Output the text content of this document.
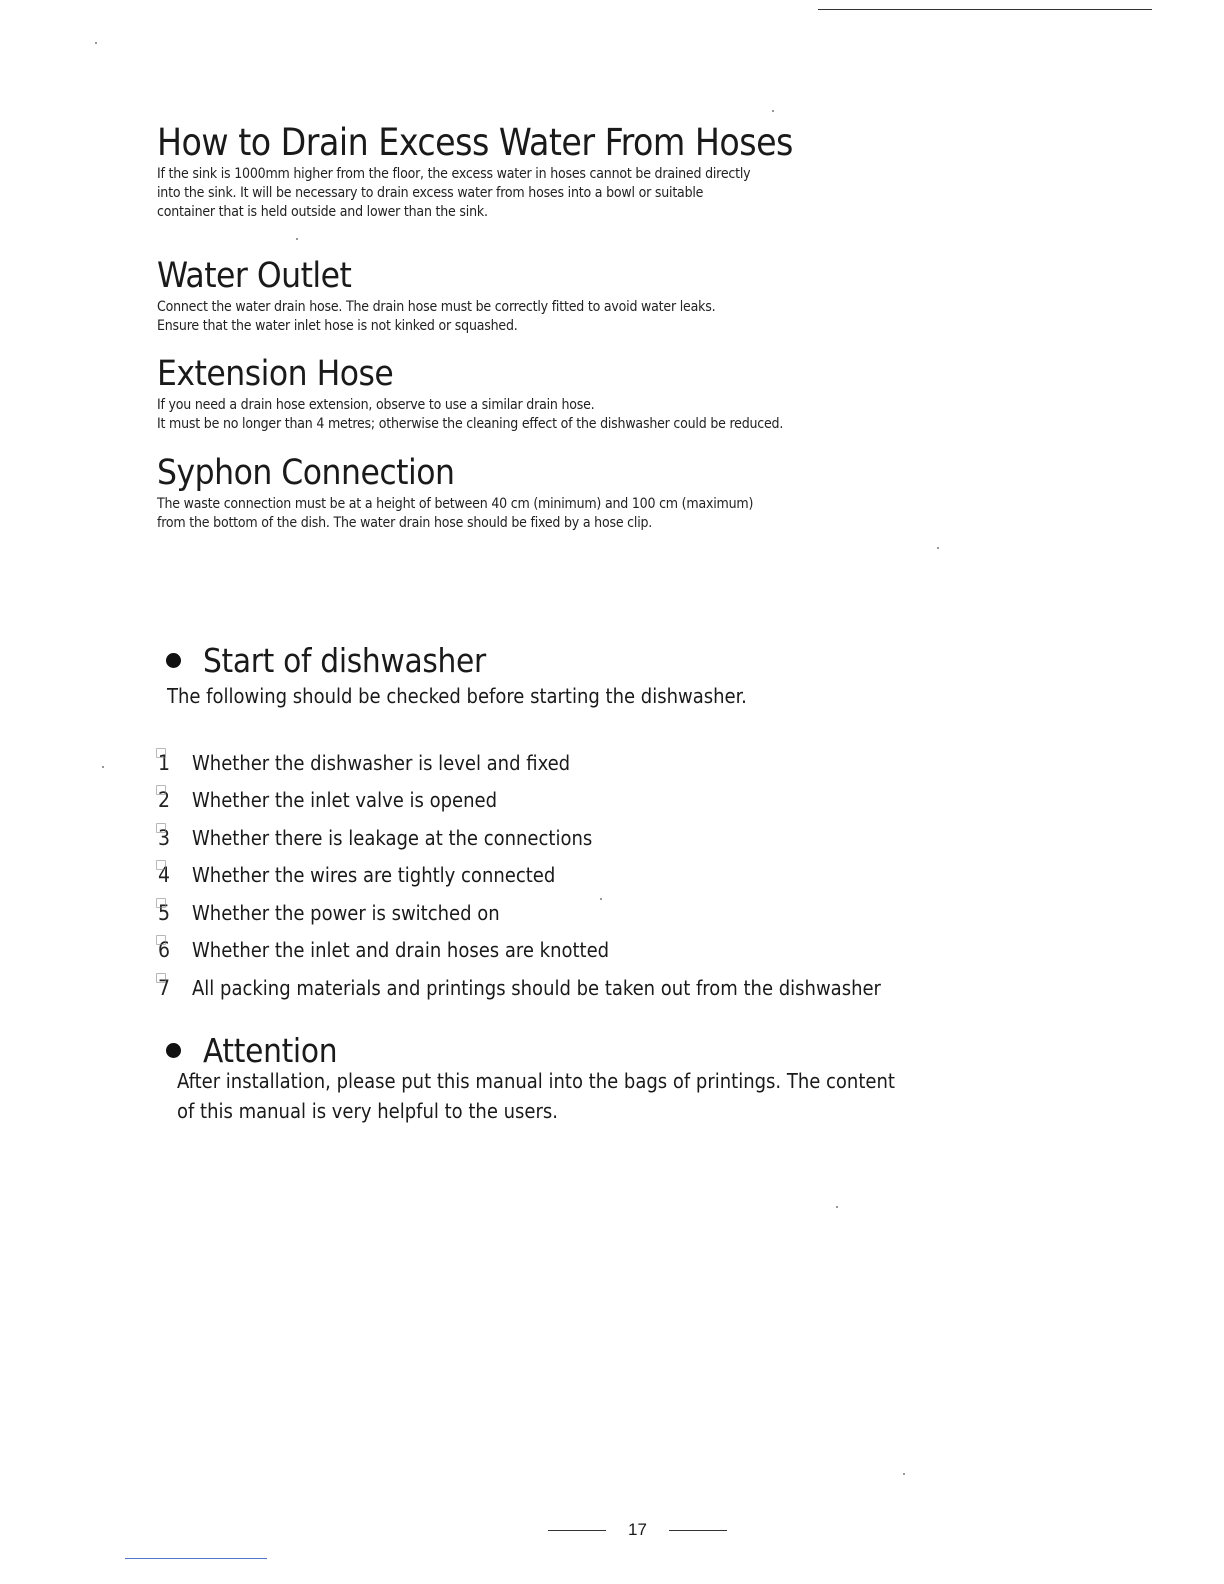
How to Drain Excess Water From Hoses

If the sink is 1000mm higher from the floor, the excess water in hoses cannot be drained directly

into the sink. It will be necessary to drain excess water from hoses into a bowl or suitable

container that is held outside and lower than the sink.

Water Outlet

Connect the water drain hose. The drain hose must be correctly fitted to avoid water leaks.

Ensure that the water inlet hose is not kinked or squashed.

Extension Hose

If you need a drain hose extension, observe to use a similar drain hose.

It must be no longer than 4 metres; otherwise the cleaning effect of the dishwasher could be reduced.

Syphon Connection

The waste connection must be at a height of between 40 cm (minimum) and 100 cm (maximum)

from the bottom of the dish. The water drain hose should be fixed by a hose clip.

Start of dishwasher

The following should be checked before starting the dishwasher.

1	Whether the dishwasher is level and fixed
2	Whether the inlet valve is opened
3	Whether there is leakage at the connections
4	Whether the wires are tightly connected
5	Whether the power is switched on
6	Whether the inlet and drain hoses are knotted
7	All packing materials and printings should be taken out from the dishwasher
Attention

After installation, please put this manual into the bags of printings. The content

of this manual is very helpful to the users.

17
